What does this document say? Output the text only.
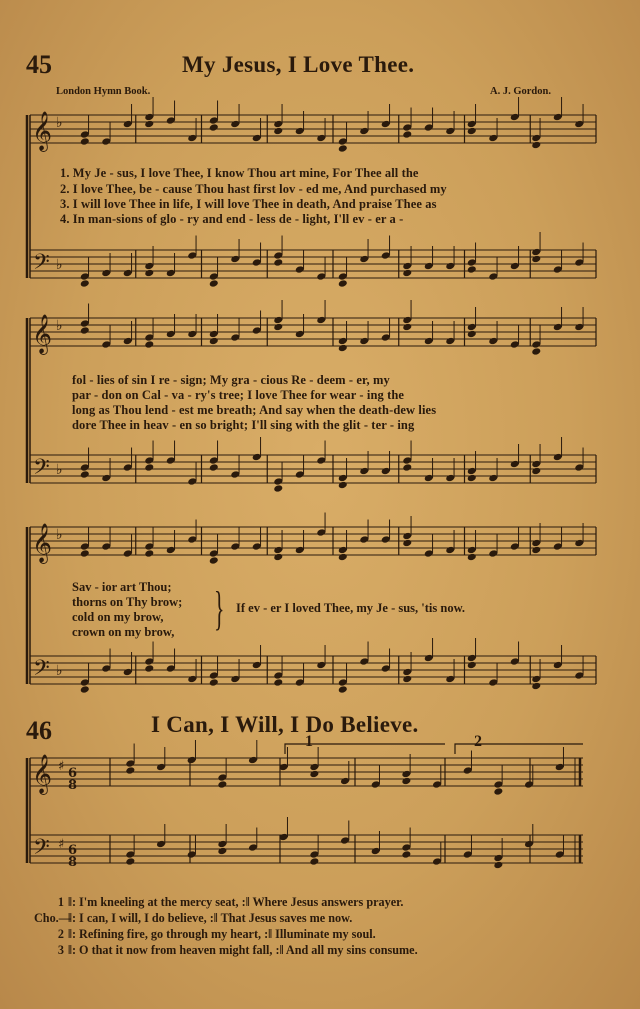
45	My Jesus, I Love Thee.
London Hymn Book.	A. J. Gordon.
𝄞
𝄢
♭
♭
𝄞
𝄢
♭
♭
𝄞
𝄢
♭
♭
𝄞
𝄢
♯
♯
6
8
6
8
1. My Je - sus, I love Thee, I know Thou art mine, For Thee all the
2. I love Thee, be - cause Thou hast first lov - ed me, And purchased my
3. I will love Thee in life, I will love Thee in death, And praise Thee as
4. In man-sions of glo - ry and end - less de - light, I'll ev - er a -
fol - lies of sin I re - sign; My gra - cious Re - deem - er, my
par - don on Cal - va - ry's tree; I love Thee for wear - ing the
long as Thou lend - est me breath; And say when the death-dew lies
dore Thee in heav - en so bright; I'll sing with the glit - ter - ing
Sav - ior art Thou;
thorns on Thy brow;
cold on my brow,
crown on my brow, } If ev - er I loved Thee, my Je - sus, 'tis now.
46	I Can, I Will, I Do Believe.
1	2
1 ‖: I'm kneeling at the mercy seat, :‖ Where Jesus answers prayer.
Cho.—‖: I can, I will, I do believe, :‖ That Jesus saves me now.
2 ‖: Refining fire, go through my heart, :‖ Illuminate my soul.
3 ‖: O that it now from heaven might fall, :‖ And all my sins consume.
